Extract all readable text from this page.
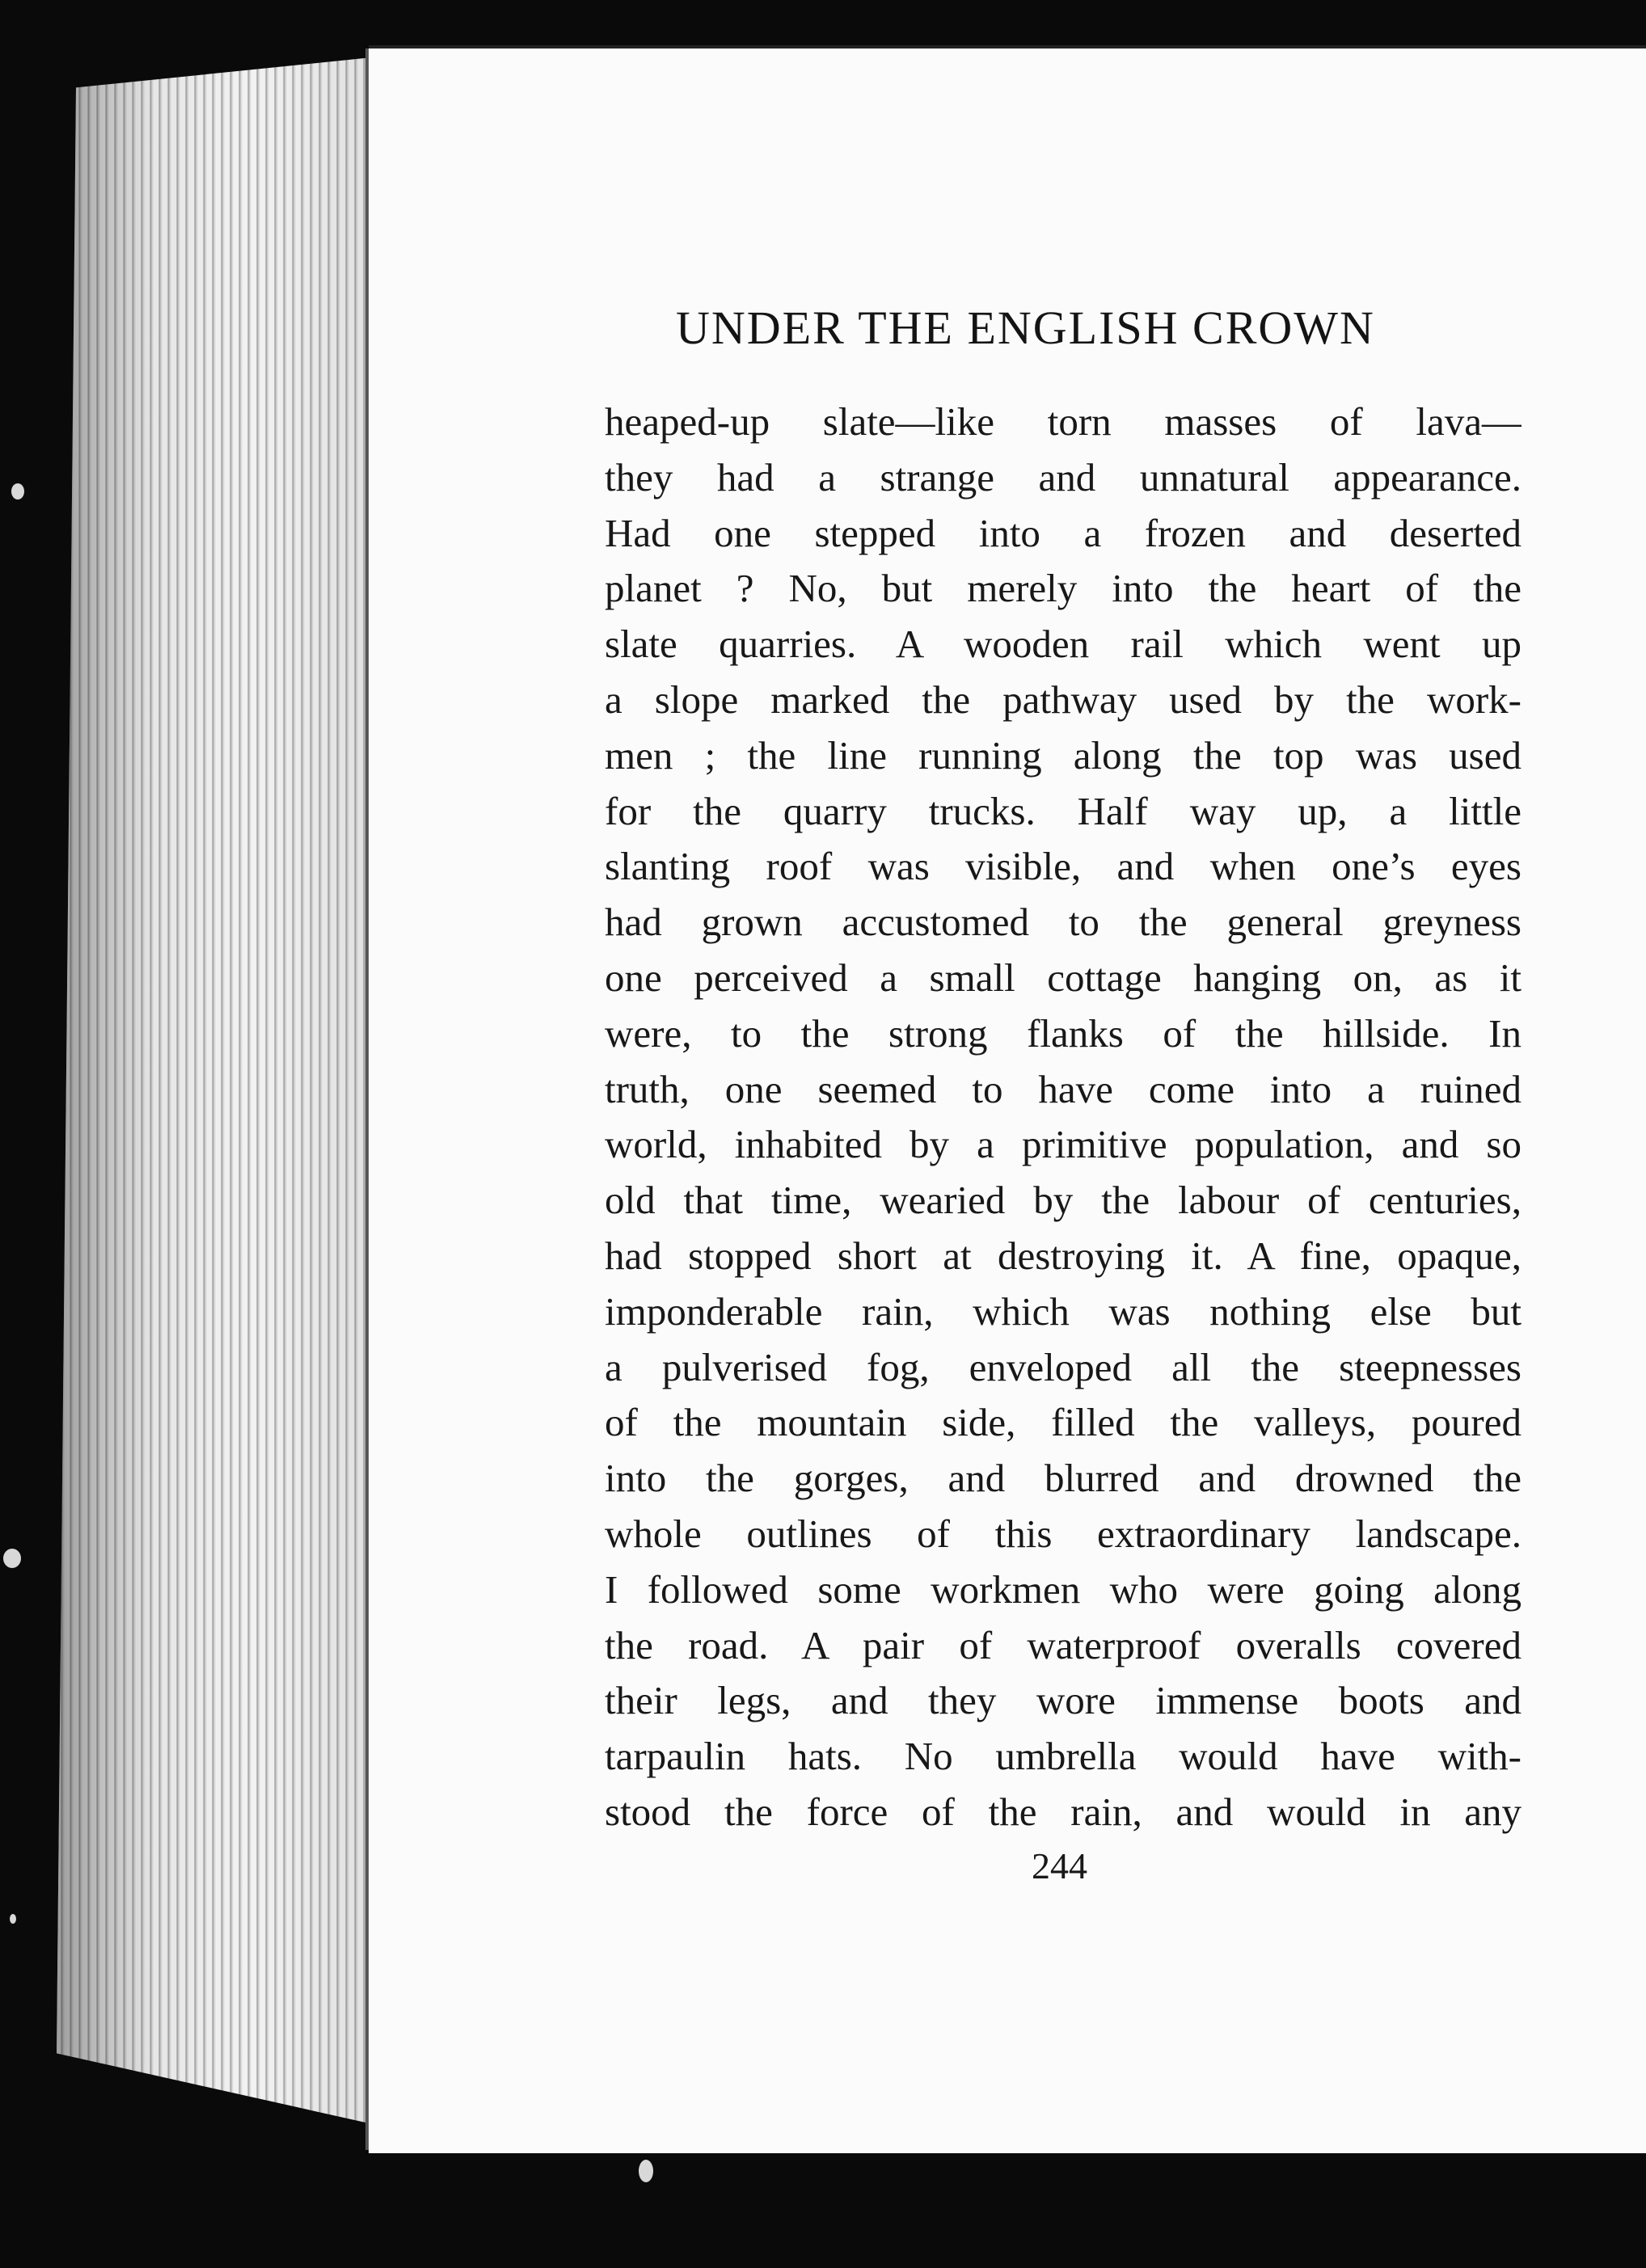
UNDER THE ENGLISH CROWN
heaped-up slate—like torn masses of lava—
they had a strange and unnatural appearance.
Had one stepped into a frozen and deserted
planet ? No, but merely into the heart of the
slate quarries. A wooden rail which went up
a slope marked the pathway used by the work-
men ; the line running along the top was used
for the quarry trucks. Half way up, a little
slanting roof was visible, and when one’s eyes
had grown accustomed to the general greyness
one perceived a small cottage hanging on, as it
were, to the strong flanks of the hillside. In
truth, one seemed to have come into a ruined
world, inhabited by a primitive population, and so
old that time, wearied by the labour of centuries,
had stopped short at destroying it. A fine, opaque,
imponderable rain, which was nothing else but
a pulverised fog, enveloped all the steepnesses
of the mountain side, filled the valleys, poured
into the gorges, and blurred and drowned the
whole outlines of this extraordinary landscape.
I followed some workmen who were going along
the road. A pair of waterproof overalls covered
their legs, and they wore immense boots and
tarpaulin hats. No umbrella would have with-
stood the force of the rain, and would in any
244
